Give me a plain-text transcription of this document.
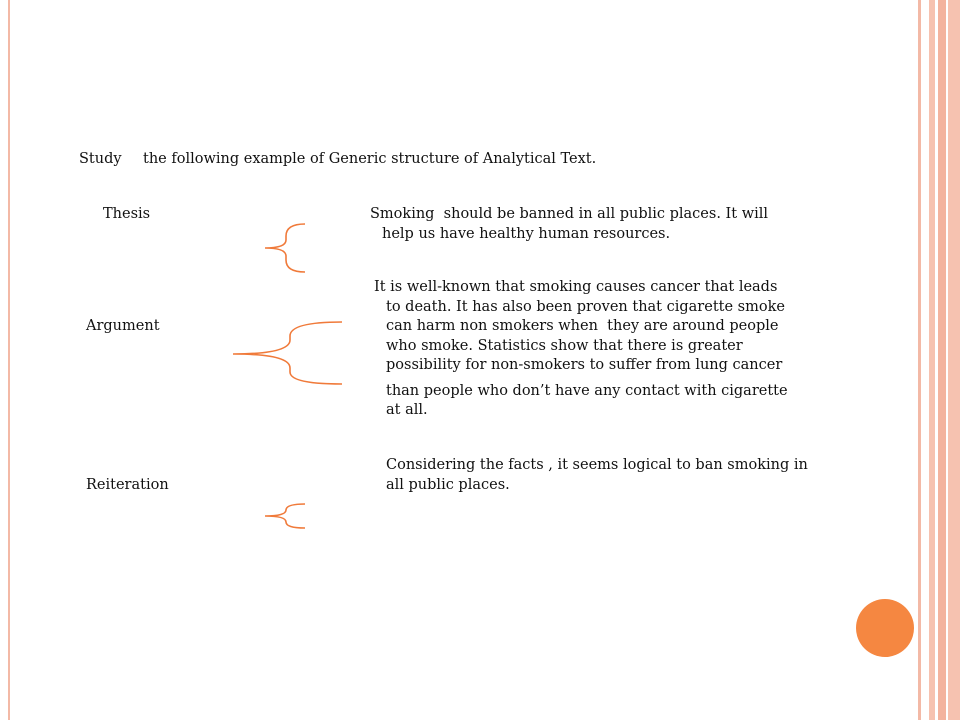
Study the following example of Generic structure of Analytical Text.
Thesis
Argument
Reiteration
Smoking  should be banned in all public places. It will
help us have healthy human resources.
It is well-known that smoking causes cancer that leads
to death. It has also been proven that cigarette smoke
can harm non smokers when  they are around people
who smoke. Statistics show that there is greater
possibility for non-smokers to suffer from lung cancer
than people who don’t have any contact with cigarette
at all.
Considering the facts , it seems logical to ban smoking in
all public places.
